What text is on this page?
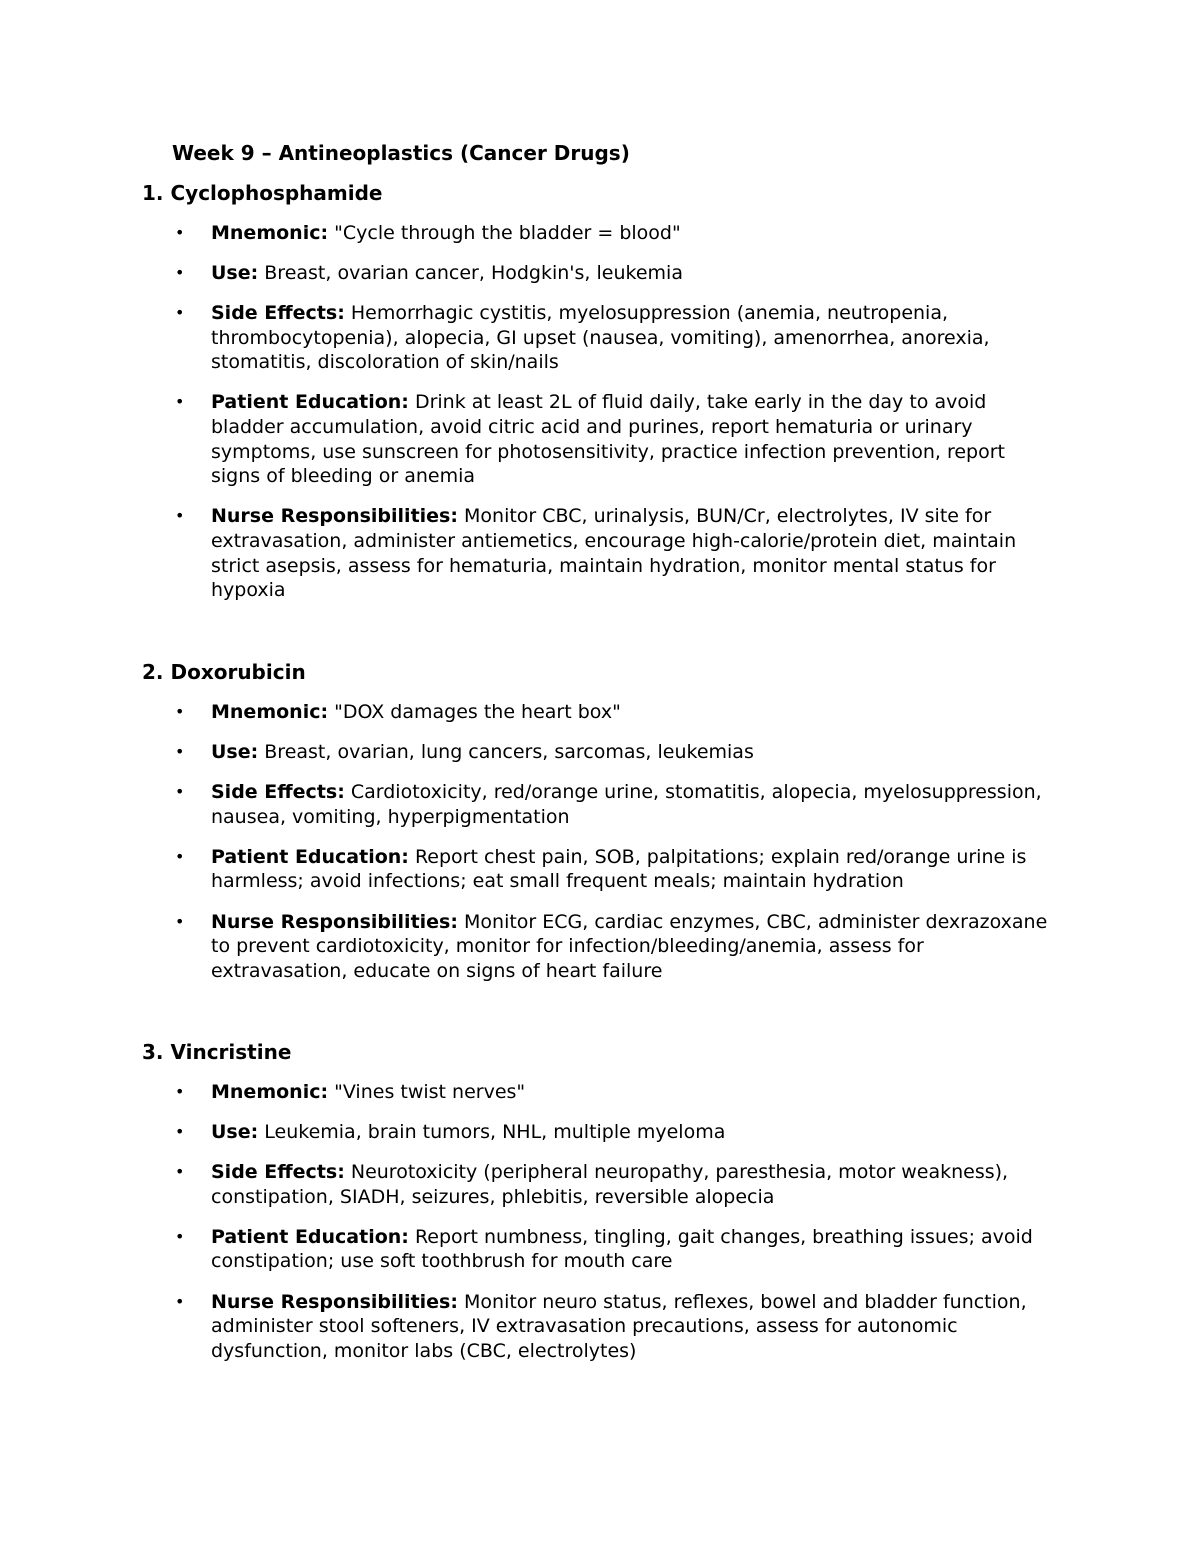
Week 9 – Antineoplastics (Cancer Drugs)
1. Cyclophosphamide
• Mnemonic: "Cycle through the bladder = blood"
• Use: Breast, ovarian cancer, Hodgkin's, leukemia
• Side Effects: Hemorrhagic cystitis, myelosuppression (anemia, neutropenia, thrombocytopenia), alopecia, GI upset (nausea, vomiting), amenorrhea, anorexia, stomatitis, discoloration of skin/nails
• Patient Education: Drink at least 2L of fluid daily, take early in the day to avoid bladder accumulation, avoid citric acid and purines, report hematuria or urinary symptoms, use sunscreen for photosensitivity, practice infection prevention, report signs of bleeding or anemia
• Nurse Responsibilities: Monitor CBC, urinalysis, BUN/Cr, electrolytes, IV site for extravasation, administer antiemetics, encourage high-calorie/protein diet, maintain strict asepsis, assess for hematuria, maintain hydration, monitor mental status for hypoxia
2. Doxorubicin
• Mnemonic: "DOX damages the heart box"
• Use: Breast, ovarian, lung cancers, sarcomas, leukemias
• Side Effects: Cardiotoxicity, red/orange urine, stomatitis, alopecia, myelosuppression, nausea, vomiting, hyperpigmentation
• Patient Education: Report chest pain, SOB, palpitations; explain red/orange urine is harmless; avoid infections; eat small frequent meals; maintain hydration
• Nurse Responsibilities: Monitor ECG, cardiac enzymes, CBC, administer dexrazoxane to prevent cardiotoxicity, monitor for infection/bleeding/anemia, assess for extravasation, educate on signs of heart failure
3. Vincristine
• Mnemonic: "Vines twist nerves"
• Use: Leukemia, brain tumors, NHL, multiple myeloma
• Side Effects: Neurotoxicity (peripheral neuropathy, paresthesia, motor weakness), constipation, SIADH, seizures, phlebitis, reversible alopecia
• Patient Education: Report numbness, tingling, gait changes, breathing issues; avoid constipation; use soft toothbrush for mouth care
• Nurse Responsibilities: Monitor neuro status, reflexes, bowel and bladder function, administer stool softeners, IV extravasation precautions, assess for autonomic dysfunction, monitor labs (CBC, electrolytes)
